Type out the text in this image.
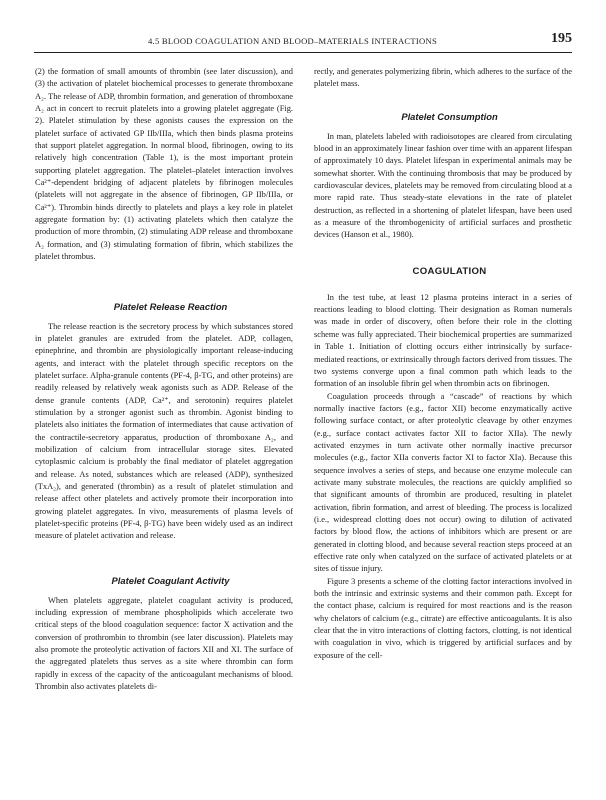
4.5 BLOOD COAGULATION AND BLOOD–MATERIALS INTERACTIONS	195

(2) the formation of small amounts of thrombin (see later discussion), and (3) the activation of platelet biochemical processes to generate thromboxane A₂. The release of ADP, thrombin formation, and generation of thromboxane A₂ act in concert to recruit platelets into a growing platelet aggregate (Fig. 2). Platelet stimulation by these agonists causes the expression on the platelet surface of activated GP IIb/IIIa, which then binds plasma proteins that support platelet aggregation. In normal blood, fibrinogen, owing to its relatively high concentration (Table 1), is the most important protein supporting platelet aggregation. The platelet–platelet interaction involves Ca²⁺-dependent bridging of adjacent platelets by fibrinogen molecules (platelets will not aggregate in the absence of fibrinogen, GP IIb/IIIa, or Ca²⁺). Thrombin binds directly to platelets and plays a key role in platelet aggregate formation by: (1) activating platelets which then catalyze the production of more thrombin, (2) stimulating ADP release and thromboxane A₂ formation, and (3) stimulating formation of fibrin, which stabilizes the platelet thrombus.

Platelet Release Reaction

The release reaction is the secretory process by which substances stored in platelet granules are extruded from the platelet. ADP, collagen, epinephrine, and thrombin are physiologically important release-inducing agents, and interact with the platelet through specific receptors on the platelet surface. Alpha-granule contents (PF-4, β-TG, and other proteins) are readily released by relatively weak agonists such as ADP. Release of the dense granule contents (ADP, Ca²⁺, and serotonin) requires platelet stimulation by a stronger agonist such as thrombin. Agonist binding to platelets also initiates the formation of intermediates that cause activation of the contractile-secretory apparatus, production of thromboxane A₂, and mobilization of calcium from intracellular storage sites. Elevated cytoplasmic calcium is probably the final mediator of platelet aggregation and release. As noted, substances which are released (ADP), synthesized (TxA₂), and generated (thrombin) as a result of platelet stimulation and release affect other platelets and actively promote their incorporation into growing platelet aggregates. In vivo, measurements of plasma levels of platelet-specific proteins (PF-4, β-TG) have been widely used as an indirect measure of platelet activation and release.

Platelet Coagulant Activity

When platelets aggregate, platelet coagulant activity is produced, including expression of membrane phospholipids which accelerate two critical steps of the blood coagulation sequence: factor X activation and the conversion of prothrombin to thrombin (see later discussion). Platelets may also promote the proteolytic activation of factors XII and XI. The surface of the aggregated platelets thus serves as a site where thrombin can form rapidly in excess of the capacity of the anticoagulant mechanisms of blood. Thrombin also activates platelets di-

rectly, and generates polymerizing fibrin, which adheres to the surface of the platelet mass.

Platelet Consumption

In man, platelets labeled with radioisotopes are cleared from circulating blood in an approximately linear fashion over time with an apparent lifespan of approximately 10 days. Platelet lifespan in experimental animals may be somewhat shorter. With the continuing thrombosis that may be produced by cardiovascular devices, platelets may be removed from circulating blood at a more rapid rate. Thus steady-state elevations in the rate of platelet destruction, as reflected in a shortening of platelet lifespan, have been used as a measure of the thrombogenicity of artificial surfaces and prosthetic devices (Hanson et al., 1980).

COAGULATION

In the test tube, at least 12 plasma proteins interact in a series of reactions leading to blood clotting. Their designation as Roman numerals was made in order of discovery, often before their role in the clotting scheme was fully appreciated. Their biochemical properties are summarized in Table 1. Initiation of clotting occurs either intrinsically by surface-mediated reactions, or extrinsically through factors derived from tissues. The two systems converge upon a final common path which leads to the formation of an insoluble fibrin gel when thrombin acts on fibrinogen.

Coagulation proceeds through a “cascade” of reactions by which normally inactive factors (e.g., factor XII) become enzymatically active following surface contact, or after proteolytic cleavage by other enzymes (e.g., surface contact activates factor XII to factor XIIa). The newly activated enzymes in turn activate other normally inactive precursor molecules (e.g., factor XIIa converts factor XI to factor XIa). Because this sequence involves a series of steps, and because one enzyme molecule can activate many substrate molecules, the reactions are quickly amplified so that significant amounts of thrombin are produced, resulting in platelet activation, fibrin formation, and arrest of bleeding. The process is localized (i.e., widespread clotting does not occur) owing to dilution of activated factors by blood flow, the actions of inhibitors which are present or are generated in clotting blood, and because several reaction steps proceed at an effective rate only when catalyzed on the surface of activated platelets or at sites of tissue injury.

Figure 3 presents a scheme of the clotting factor interactions involved in both the intrinsic and extrinsic systems and their common path. Except for the contact phase, calcium is required for most reactions and is the reason why chelators of calcium (e.g., citrate) are effective anticoagulants. It is also clear that the in vitro interactions of clotting factors, clotting, is not identical with coagulation in vivo, which is triggered by artificial surfaces and by exposure of the cell-
